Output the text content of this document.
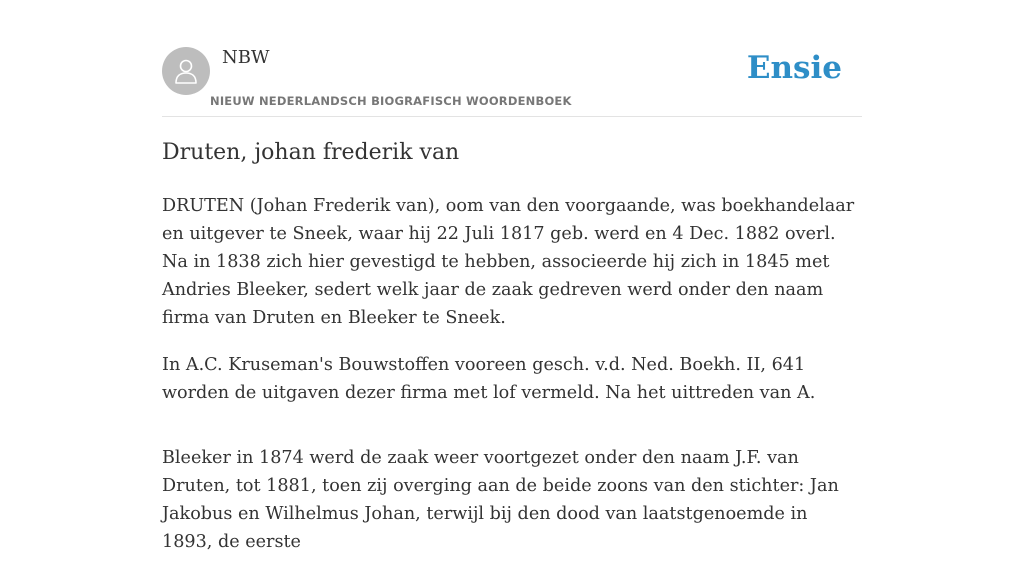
NBW
NIEUW NEDERLANDSCH BIOGRAFISCH WOORDENBOEK
Ensie
Druten, johan frederik van

DRUTEN (Johan Frederik van), oom van den voorgaande, was boekhandelaar en uitgever te Sneek, waar hij 22 Juli 1817 geb. werd en 4 Dec. 1882 overl. Na in 1838 zich hier gevestigd te hebben, associeerde hij zich in 1845 met Andries Bleeker, sedert welk jaar de zaak gedreven werd onder den naam firma van Druten en Bleeker te Sneek.

In A.C. Kruseman's Bouwstoffen vooreen gesch. v.d. Ned. Boekh. II, 641 worden de uitgaven dezer firma met lof vermeld. Na het uittreden van A.

Bleeker in 1874 werd de zaak weer voortgezet onder den naam J.F. van Druten, tot 1881, toen zij overging aan de beide zoons van den stichter: Jan Jakobus en Wilhelmus Johan, terwijl bij den dood van laatstgenoemde in 1893, de eerste
